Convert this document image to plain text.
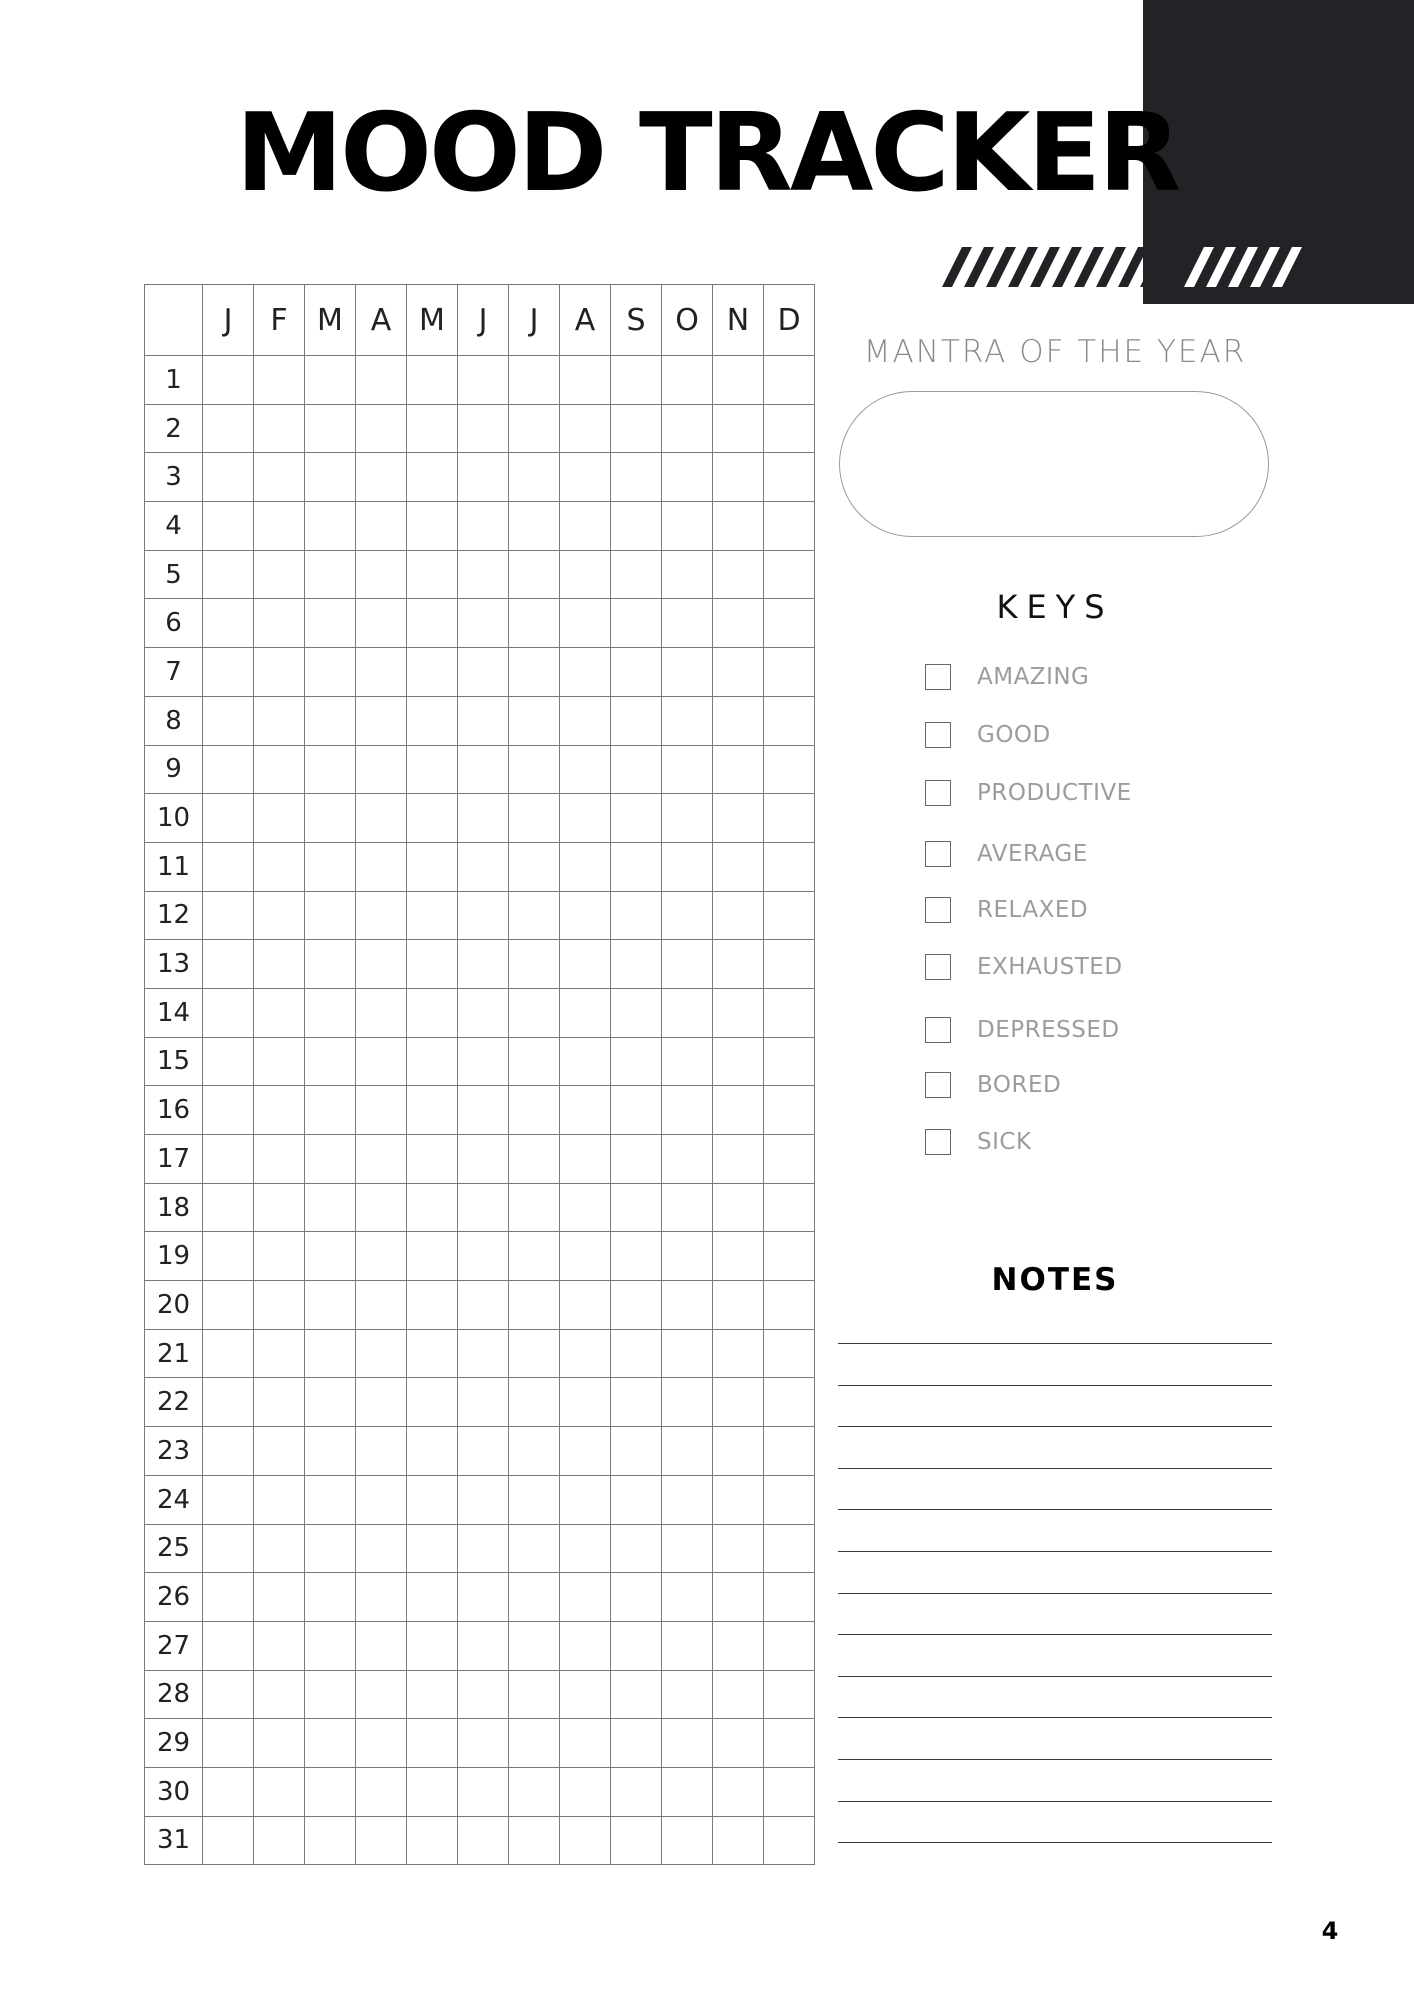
MOOD TRACKER
	J	F	M	A	M	J	J	A	S	O	N	D
1												
2												
3												
4												
5												
6												
7												
8												
9												
10												
11												
12												
13												
14												
15												
16												
17												
18												
19												
20												
21												
22												
23												
24												
25												
26												
27												
28												
29												
30												
31												
MANTRA OF THE YEAR
KEYS
AMAZING
GOOD
PRODUCTIVE
AVERAGE
RELAXED
EXHAUSTED
DEPRESSED
BORED
SICK
NOTES
4
